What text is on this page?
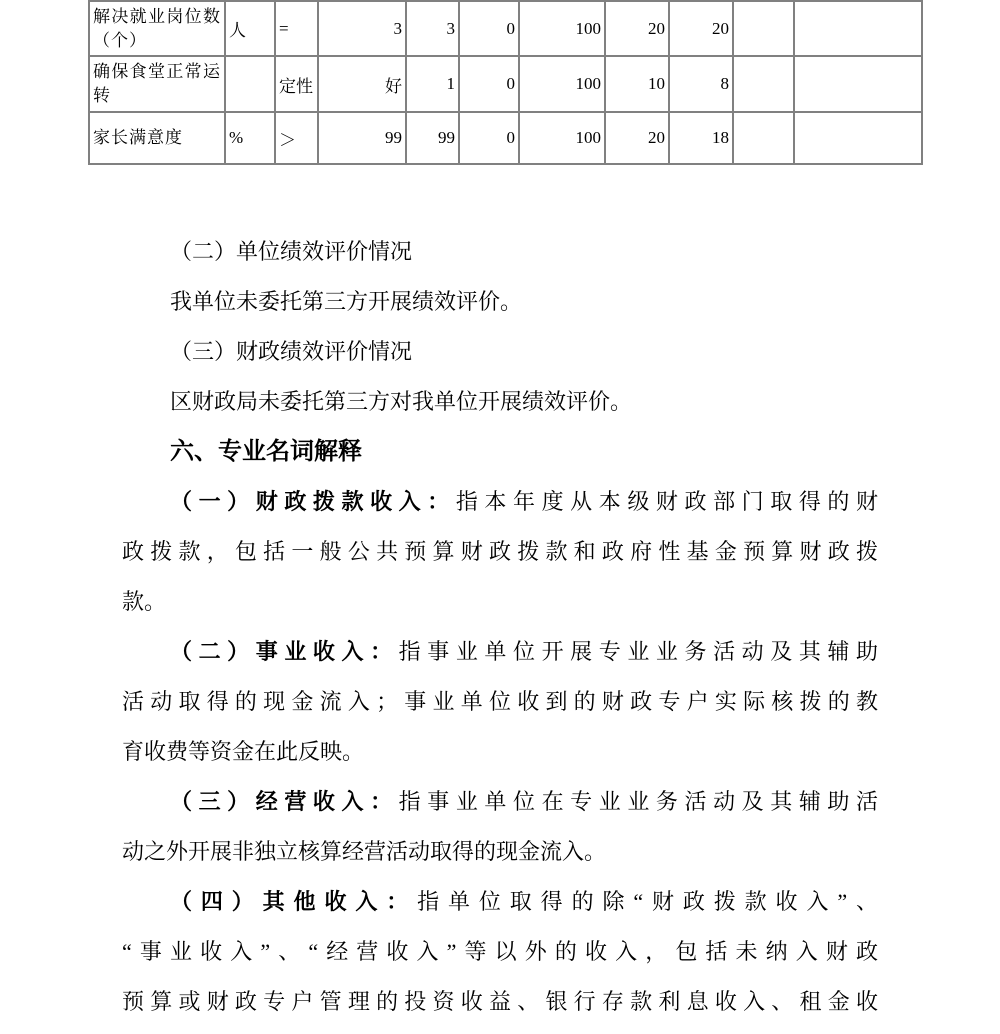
解决就业岗位数（个）	人	=	3	3	0	100	20	20		
确保食堂正常运转		定性	好	1	0	100	10	8		
家长满意度	%	＞	99	99	0	100	20	18		
（二）单位绩效评价情况
我单位未委托第三方开展绩效评价。
（三）财政绩效评价情况
区财政局未委托第三方对我单位开展绩效评价。
六、专业名词解释
（一）财政拨款收入：指本年度从本级财政部门取得的财
政拨款，包括一般公共预算财政拨款和政府性基金预算财政拨
款。
（二）事业收入：指事业单位开展专业业务活动及其辅助
活动取得的现金流入；事业单位收到的财政专户实际核拨的教
育收费等资金在此反映。
（三）经营收入：指事业单位在专业业务活动及其辅助活
动之外开展非独立核算经营活动取得的现金流入。
（四）其他收入：指单位取得的除“财政拨款收入”、
“事业收入”、“经营收入”等以外的收入，包括未纳入财政
预算或财政专户管理的投资收益、银行存款利息收入、租金收
